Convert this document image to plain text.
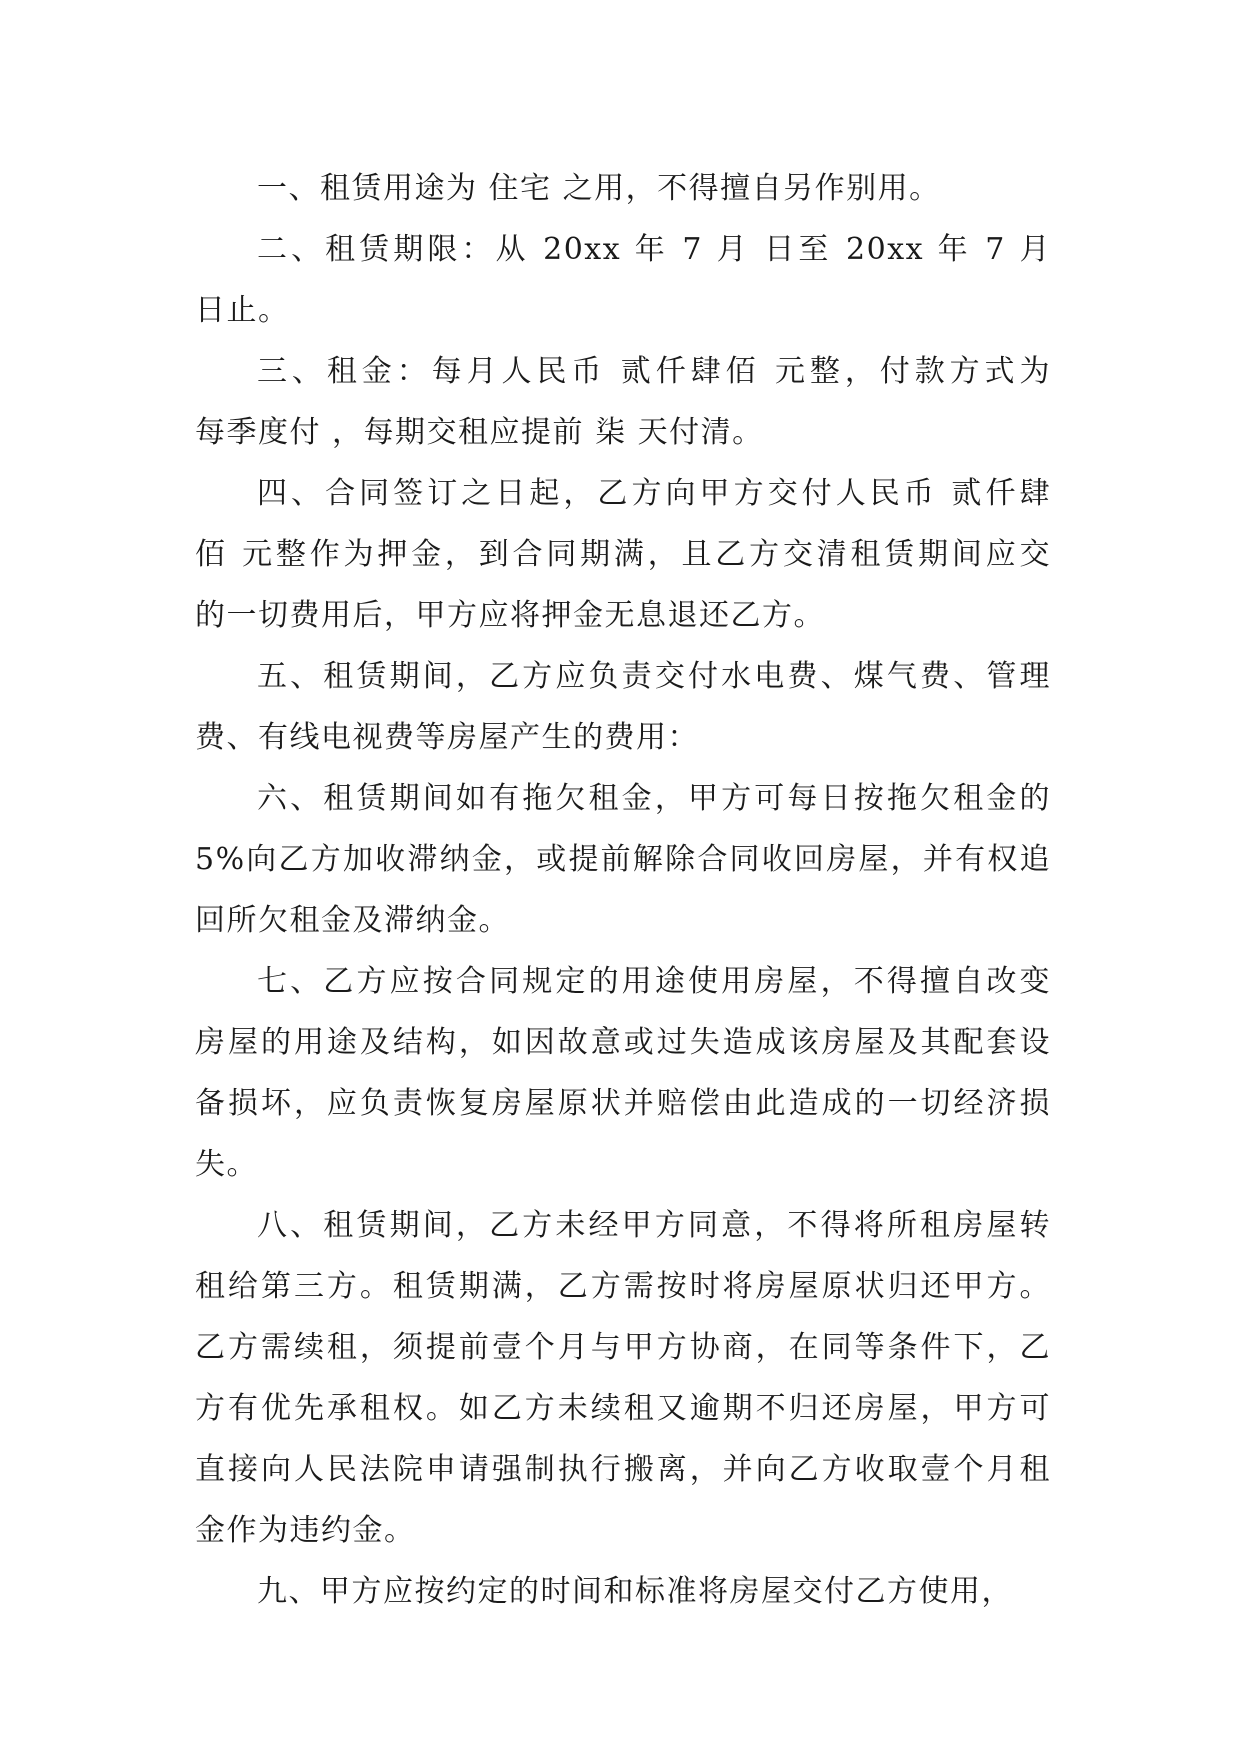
一、租赁用途为 住宅 之用，不得擅自另作别用。
二、租赁期限：从 20xx 年 7 月 日至 20xx 年 7 月
日止。
三、租金：每月人民币 贰仟肆佰 元整，付款方式为
每季度付 ，每期交租应提前 柒 天付清。
四、合同签订之日起，乙方向甲方交付人民币 贰仟肆
佰 元整作为押金，到合同期满，且乙方交清租赁期间应交
的一切费用后，甲方应将押金无息退还乙方。
五、租赁期间，乙方应负责交付水电费、煤气费、管理
费、有线电视费等房屋产生的费用：
六、租赁期间如有拖欠租金，甲方可每日按拖欠租金的
5%向乙方加收滞纳金，或提前解除合同收回房屋，并有权追
回所欠租金及滞纳金。
七、乙方应按合同规定的用途使用房屋，不得擅自改变
房屋的用途及结构，如因故意或过失造成该房屋及其配套设
备损坏，应负责恢复房屋原状并赔偿由此造成的一切经济损
失。
八、租赁期间，乙方未经甲方同意，不得将所租房屋转
租给第三方。租赁期满，乙方需按时将房屋原状归还甲方。
乙方需续租，须提前壹个月与甲方协商，在同等条件下，乙
方有优先承租权。如乙方未续租又逾期不归还房屋，甲方可
直接向人民法院申请强制执行搬离，并向乙方收取壹个月租
金作为违约金。
九、甲方应按约定的时间和标准将房屋交付乙方使用，
